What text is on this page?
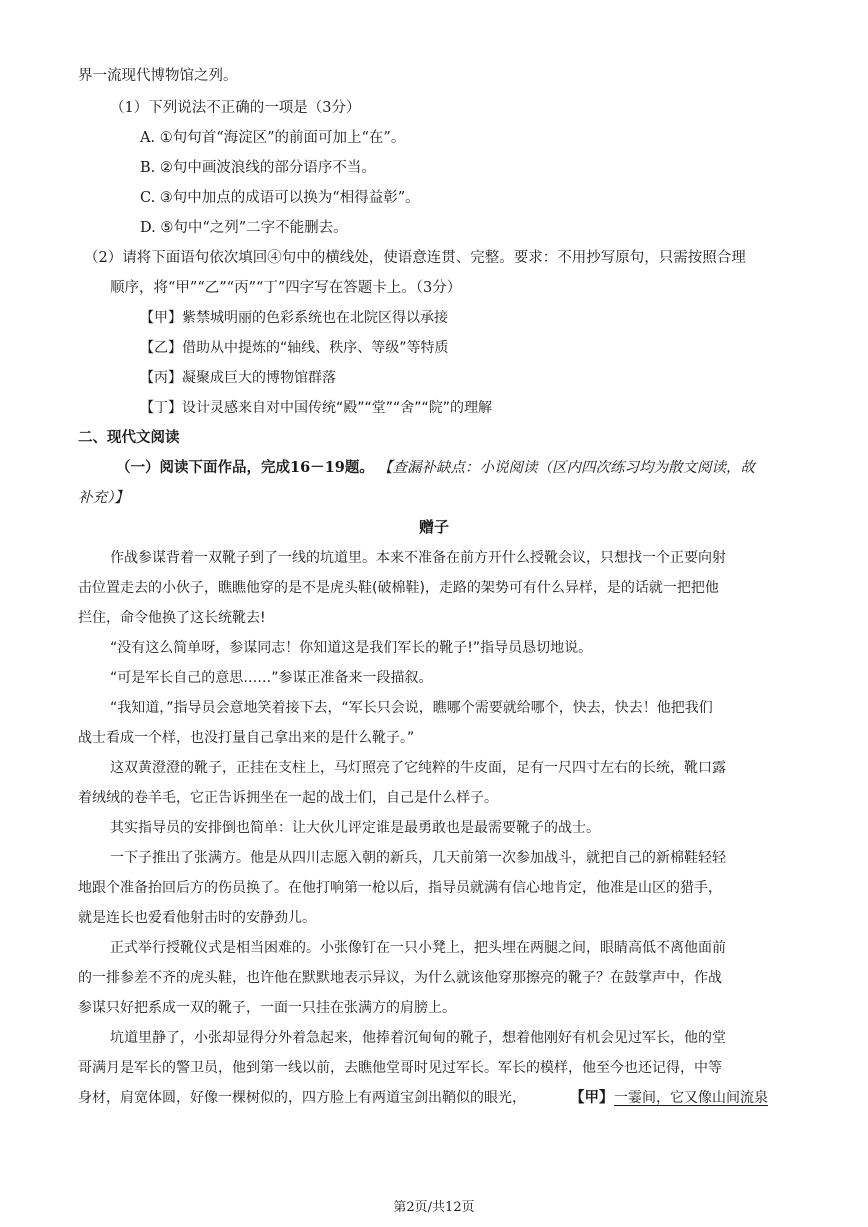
界一流现代博物馆之列。
（1）下列说法不正确的一项是（3分）
A. ①句句首“海淀区”的前面可加上“在”。
B. ②句中画波浪线的部分语序不当。
C. ③句中加点的成语可以换为“相得益彰”。
D. ⑤句中“之列”二字不能删去。
（2）请将下面语句依次填回④句中的横线处，使语意连贯、完整。要求：不用抄写原句，只需按照合理
顺序，将“甲”“乙”“丙”“丁”四字写在答题卡上。（3分）
【甲】紫禁城明丽的色彩系统也在北院区得以承接
【乙】借助从中提炼的“轴线、秩序、等级”等特质
【丙】凝聚成巨大的博物馆群落
【丁】设计灵感来自对中国传统“殿”“堂”“舍”“院”的理解
二、现代文阅读
（一）阅读下面作品，完成16－19题。 【查漏补缺点：小说阅读（区内四次练习均为散文阅读，故
补充）】
作战参谋背着一双靴子到了一线的坑道里。本来不准备在前方开什么授靴会议，只想找一个正要向射
击位置走去的小伙子，瞧瞧他穿的是不是虎头鞋(破棉鞋)，走路的架势可有什么异样，是的话就一把把他
拦住，命令他换了这长统靴去!
“没有这么简单呀，参谋同志！你知道这是我们军长的靴子!”指导员恳切地说。
“可是军长自己的意思……”参谋正准备来一段描叙。
“我知道，”指导员会意地笑着接下去，“军长只会说，瞧哪个需要就给哪个，快去，快去！他把我们
战士看成一个样，也没打量自己拿出来的是什么靴子。”
这双黄澄澄的靴子，正挂在支柱上，马灯照亮了它纯粹的牛皮面，足有一尺四寸左右的长统，靴口露
着绒绒的卷羊毛，它正告诉拥坐在一起的战士们，自己是什么样子。
其实指导员的安排倒也简单：让大伙儿评定谁是最勇敢也是最需要靴子的战士。
一下子推出了张满方。他是从四川志愿入朝的新兵，几天前第一次参加战斗，就把自己的新棉鞋轻轻
地跟个准备抬回后方的伤员换了。在他打响第一枪以后，指导员就满有信心地肯定，他准是山区的猎手，
就是连长也爱看他射击时的安静劲儿。
正式举行授靴仪式是相当困难的。小张像钉在一只小凳上，把头埋在两腿之间，眼睛高低不离他面前
的一排参差不齐的虎头鞋，也许他在默默地表示异议，为什么就该他穿那擦亮的靴子？在鼓掌声中，作战
参谋只好把系成一双的靴子，一面一只挂在张满方的肩膀上。
坑道里静了，小张却显得分外着急起来，他捧着沉甸甸的靴子，想着他刚好有机会见过军长，他的堂
哥满月是军长的警卫员，他到第一线以前，去瞧他堂哥时见过军长。军长的模样，他至今也还记得，中等
身材，肩宽体圆，好像一棵树似的，四方脸上有两道宝剑出鞘似的眼光，	【甲】 一霎间，它又像山间流泉
赠子
第2页/共12页
